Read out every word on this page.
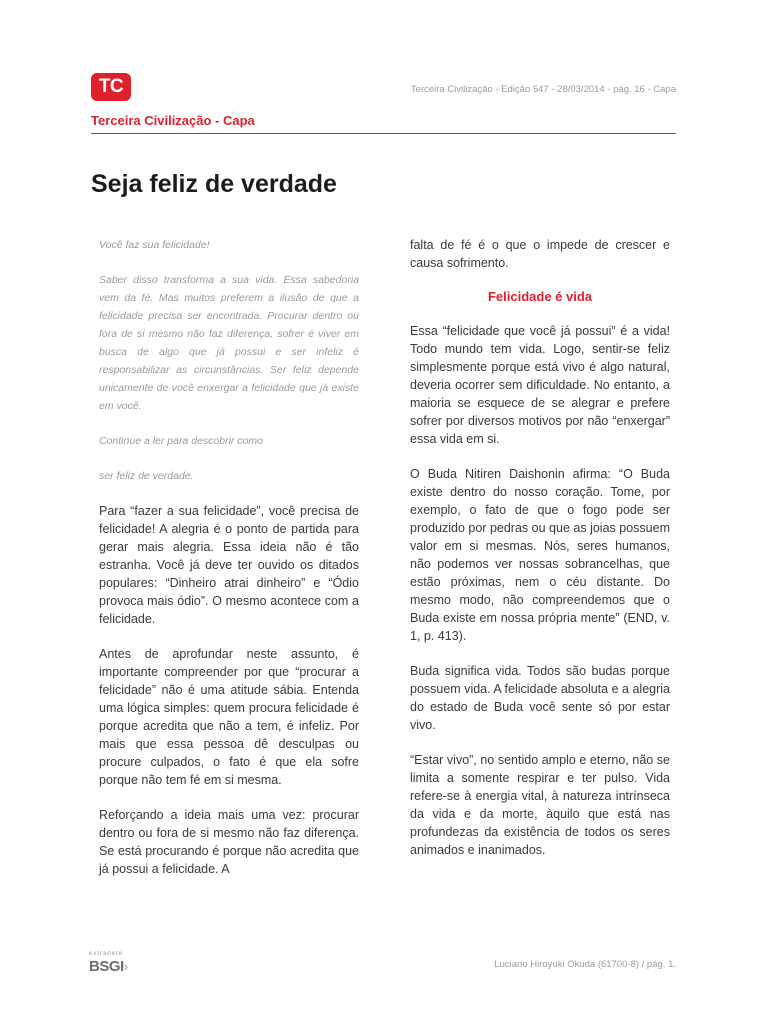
TC	Terceira Civilização - Edição 547 - 28/03/2014 - pág. 16 - Capa
Terceira Civilização - Capa
Seja feliz de verdade

Você faz sua felicidade!

Saber disso transforma a sua vida. Essa sabedoria vem da fé. Mas muitos preferem a ilusão de que a felicidade precisa ser encontrada. Procurar dentro ou fora de si mesmo não faz diferença, sofrer é viver em busca de algo que já possui e ser infeliz é responsabilizar as circunstâncias. Ser feliz depende unicamente de você enxergar a felicidade que já existe em você.

Continue a ler para descobrir como

ser feliz de verdade.

Para “fazer a sua felicidade”, você precisa de felicidade! A alegria é o ponto de partida para gerar mais alegria. Essa ideia não é tão estranha. Você já deve ter ouvido os ditados populares: “Dinheiro atrai dinheiro” e “Ódio provoca mais ódio”. O mesmo acontece com a felicidade.

Antes de aprofundar neste assunto, é importante compreender por que “procurar a felicidade” não é uma atitude sábia. Entenda uma lógica simples: quem procura felicidade é porque acredita que não a tem, é infeliz. Por mais que essa pessoa dê desculpas ou procure culpados, o fato é que ela sofre porque não tem fé em si mesma.

Reforçando a ideia mais uma vez: procurar dentro ou fora de si mesmo não faz diferença. Se está procurando é porque não acredita que já possui a felicidade. A

falta de fé é o que o impede de crescer e causa sofrimento.

Felicidade é vida

Essa “felicidade que você já possui” é a vida! Todo mundo tem vida. Logo, sentir-se feliz simplesmente porque está vivo é algo natural, deveria ocorrer sem dificuldade. No entanto, a maioria se esquece de se alegrar e prefere sofrer por diversos motivos por não “enxergar” essa vida em si.

O Buda Nitiren Daishonin afirma: “O Buda existe dentro do nosso coração. Tome, por exemplo, o fato de que o fogo pode ser produzido por pedras ou que as joias possuem valor em si mesmas. Nós, seres humanos, não podemos ver nossas sobrancelhas, que estão próximas, nem o céu distante. Do mesmo modo, não compreendemos que o Buda existe em nossa própria mente” (END, v. 1, p. 413).

Buda significa vida. Todos são budas porque possuem vida. A felicidade absoluta e a alegria do estado de Buda você sente só por estar vivo.

“Estar vivo”, no sentido amplo e eterno, não se limita a somente respirar e ter pulso. Vida refere-se à energia vital, à natureza intrínseca da vida e da morte, àquilo que está nas profundezas da existência de todos os seres animados e inanimados.

extranete
BSGI›	Luciano Hiroyuki Okuda (61700-8) / pág. 1.
